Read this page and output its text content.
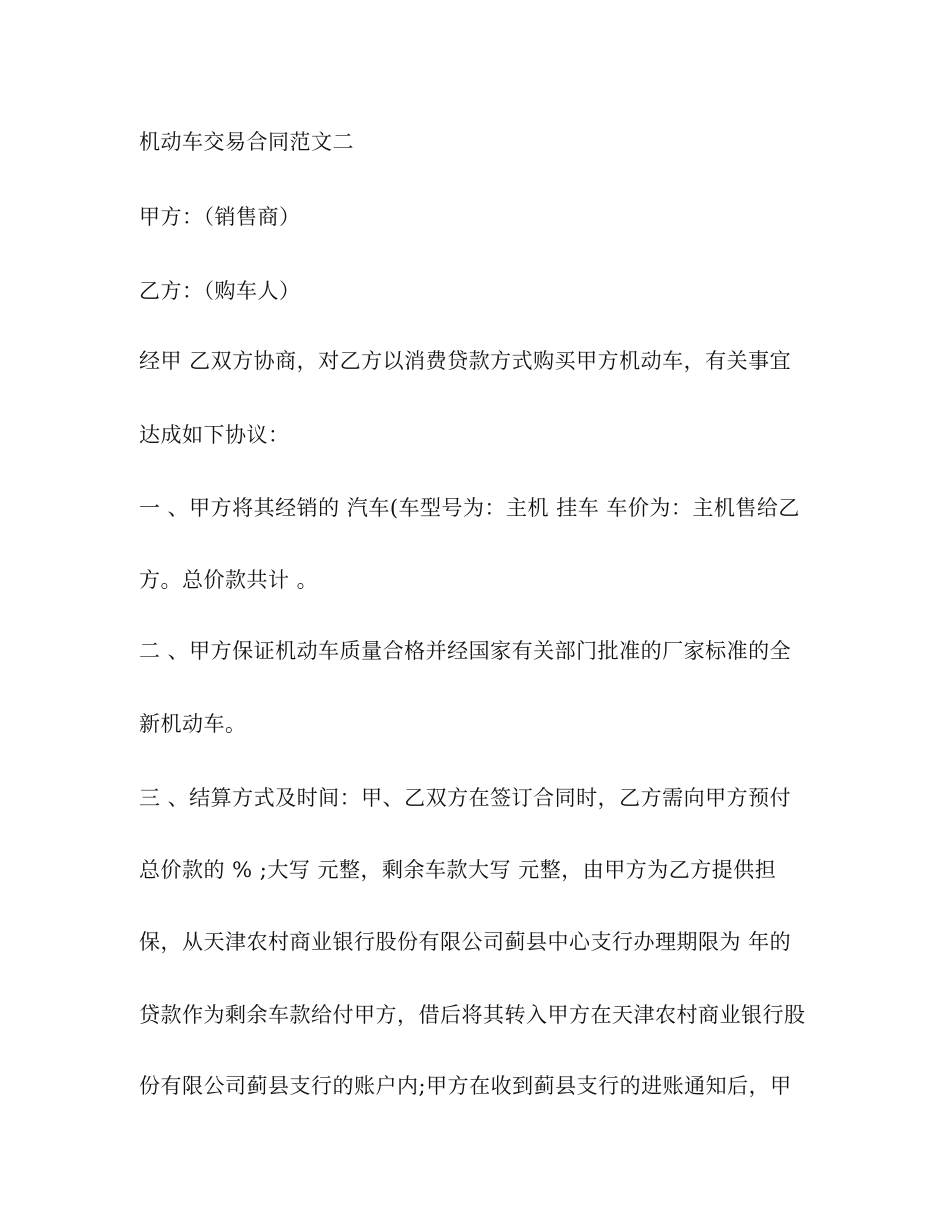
机动车交易合同范文二
甲方：（销售商）
乙方：（购车人）
经甲 乙双方协商，对乙方以消费贷款方式购买甲方机动车，有关事宜
达成如下协议：
一 、甲方将其经销的 汽车(车型号为：主机 挂车 车价为：主机售给乙
方。总价款共计 。
二 、甲方保证机动车质量合格并经国家有关部门批准的厂家标准的全
新机动车。
三 、结算方式及时间：甲、乙双方在签订合同时，乙方需向甲方预付
总价款的 % ;大写 元整，剩余车款大写 元整，由甲方为乙方提供担
保，从天津农村商业银行股份有限公司蓟县中心支行办理期限为 年的
贷款作为剩余车款给付甲方，借后将其转入甲方在天津农村商业银行股
份有限公司蓟县支行的账户内;甲方在收到蓟县支行的进账通知后，甲
